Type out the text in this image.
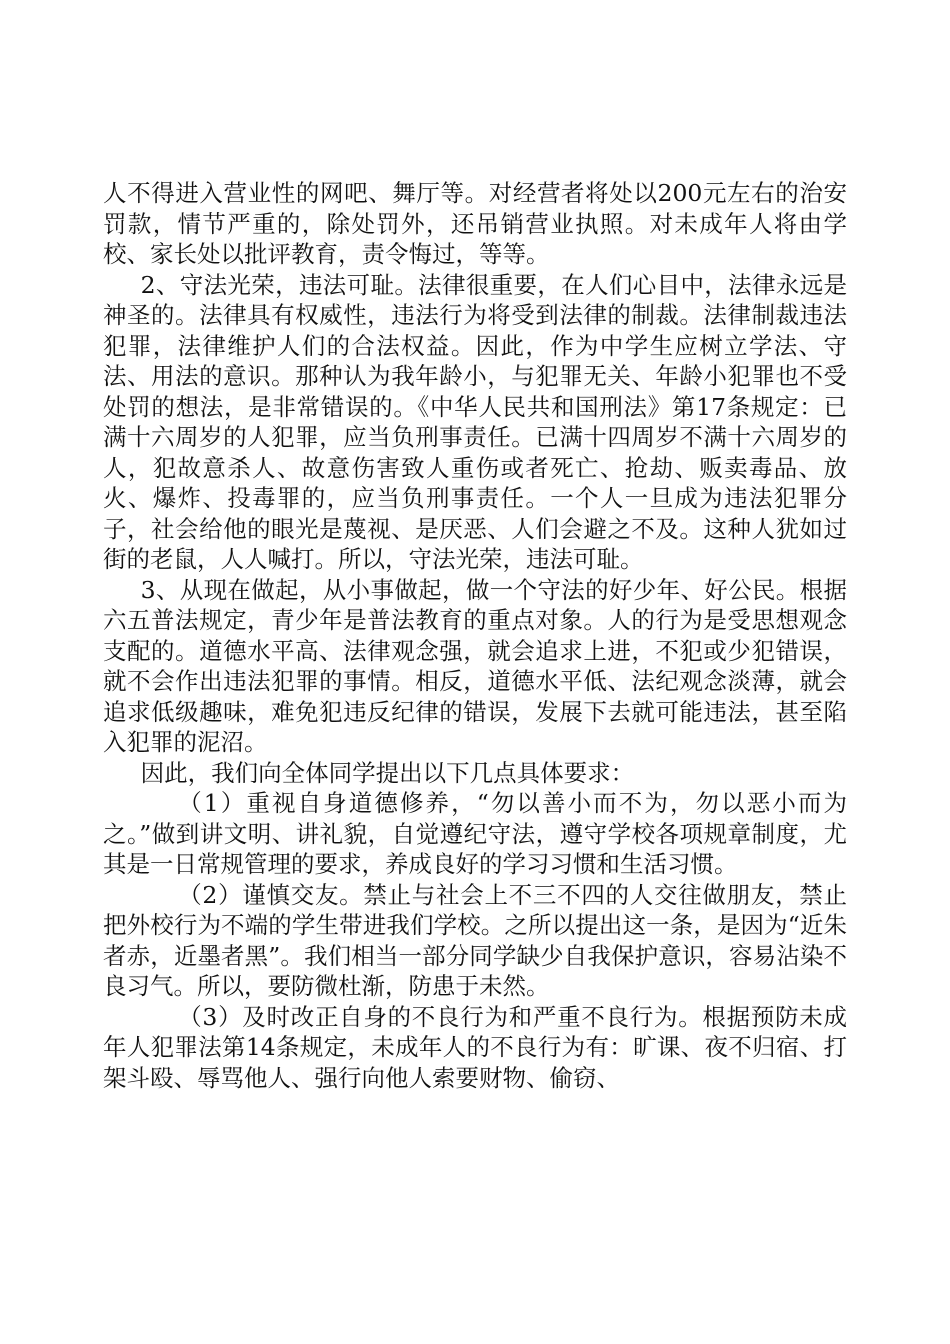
人不得进入营业性的网吧、舞厅等。对经营者将处以200元左右的治安罚款，情节严重的，除处罚外，还吊销营业执照。对未成年人将由学校、家长处以批评教育，责令悔过，等等。

2、守法光荣，违法可耻。法律很重要，在人们心目中，法律永远是神圣的。法律具有权威性，违法行为将受到法律的制裁。法律制裁违法犯罪，法律维护人们的合法权益。因此，作为中学生应树立学法、守法、用法的意识。那种认为我年龄小，与犯罪无关、年龄小犯罪也不受处罚的想法，是非常错误的。《中华人民共和国刑法》第17条规定：已满十六周岁的人犯罪，应当负刑事责任。已满十四周岁不满十六周岁的人，犯故意杀人、故意伤害致人重伤或者死亡、抢劫、贩卖毒品、放火、爆炸、投毒罪的，应当负刑事责任。一个人一旦成为违法犯罪分子，社会给他的眼光是蔑视、是厌恶、人们会避之不及。这种人犹如过街的老鼠，人人喊打。所以，守法光荣，违法可耻。

3、从现在做起，从小事做起，做一个守法的好少年、好公民。根据六五普法规定，青少年是普法教育的重点对象。人的行为是受思想观念支配的。道德水平高、法律观念强，就会追求上进，不犯或少犯错误，就不会作出违法犯罪的事情。相反，道德水平低、法纪观念淡薄，就会追求低级趣味，难免犯违反纪律的错误，发展下去就可能违法，甚至陷入犯罪的泥沼。

因此，我们向全体同学提出以下几点具体要求：

（1）重视自身道德修养，“勿以善小而不为，勿以恶小而为之。”做到讲文明、讲礼貌，自觉遵纪守法，遵守学校各项规章制度，尤其是一日常规管理的要求，养成良好的学习习惯和生活习惯。

（2）谨慎交友。禁止与社会上不三不四的人交往做朋友，禁止把外校行为不端的学生带进我们学校。之所以提出这一条，是因为“近朱者赤，近墨者黑”。我们相当一部分同学缺少自我保护意识，容易沾染不良习气。所以，要防微杜渐，防患于未然。

（3）及时改正自身的不良行为和严重不良行为。根据预防未成年人犯罪法第14条规定，未成年人的不良行为有：旷课、夜不归宿、打架斗殴、辱骂他人、强行向他人索要财物、偷窃、
